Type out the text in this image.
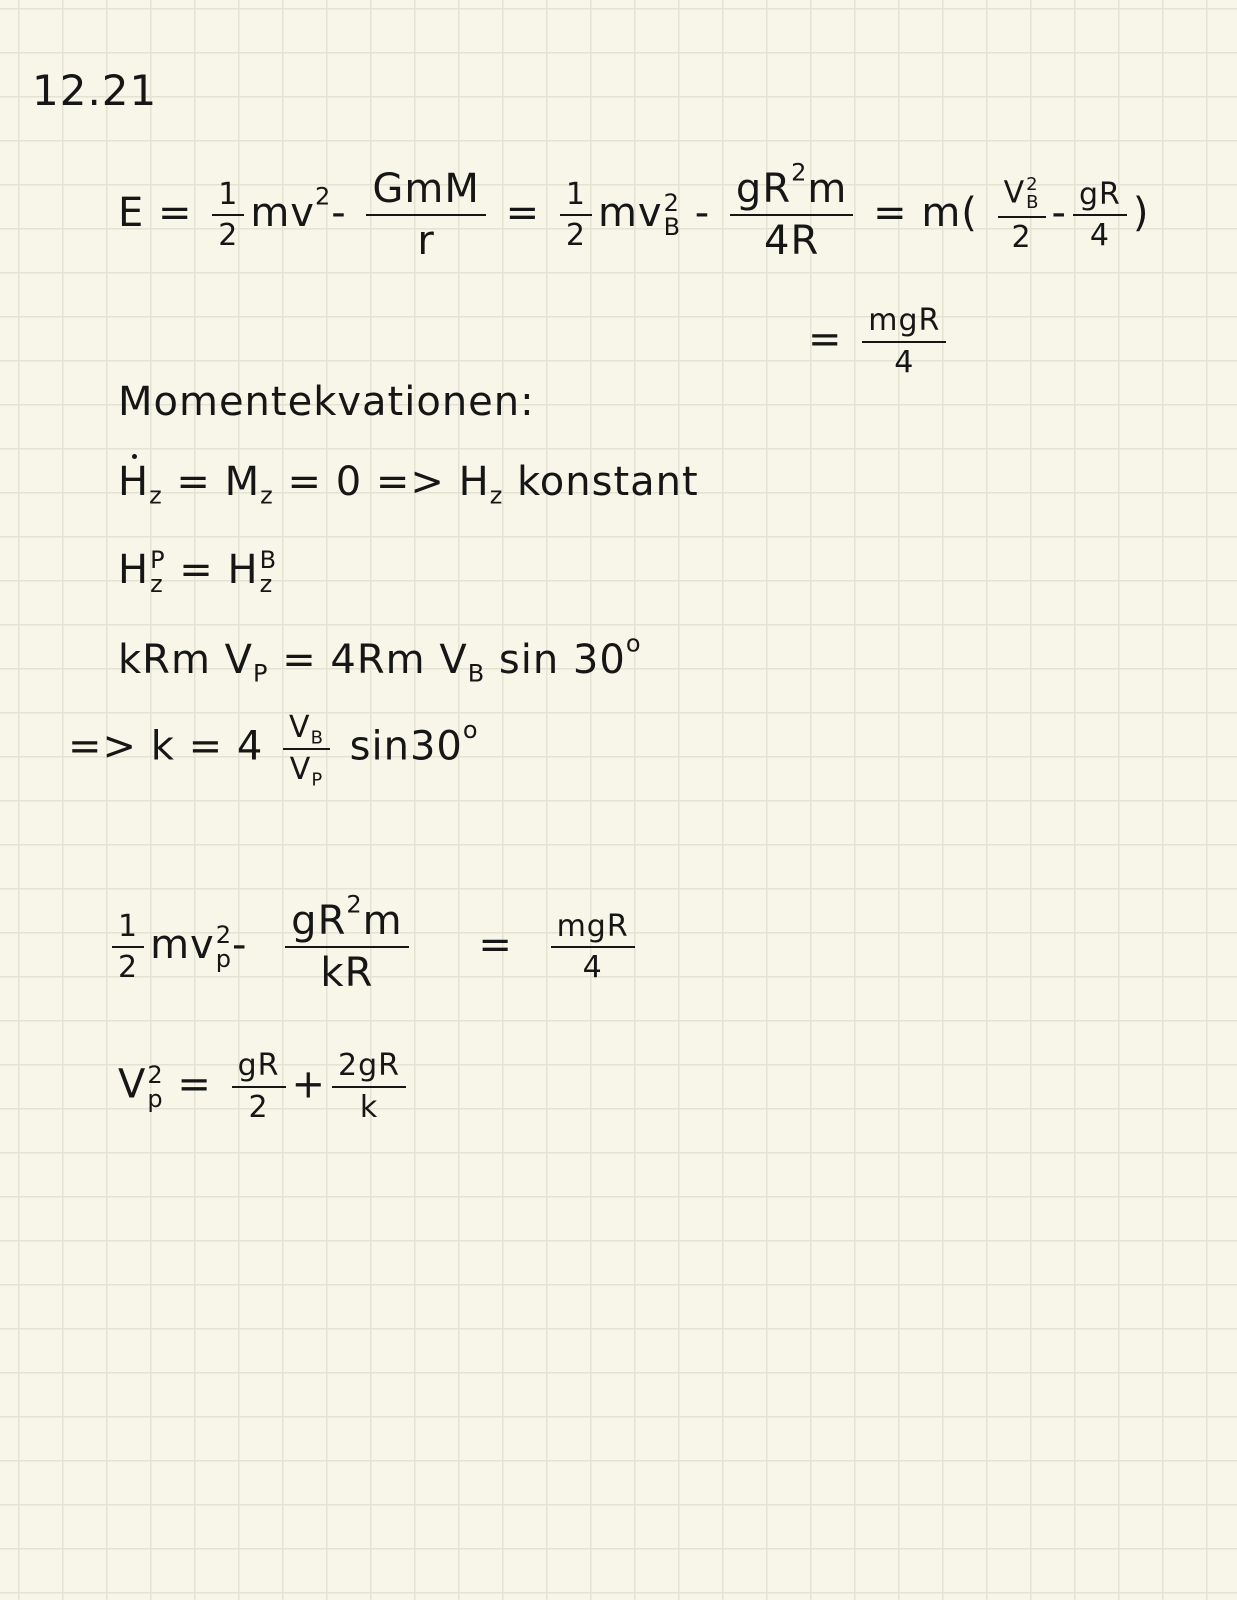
12.21
$E = \frac{1}{2} mv^2- \frac{\text{GmM}}{r} = \frac{1}{2}$ mv 2
$B - \frac{gR^2m}{4R} = m$( V 2
B
$2 - \frac{gR}{4}$ )
= $\frac{\text{mgR}}{4}$
Momentekvationen:
$H_z = M_z = 0 => H_z$ konstant
H P
z = H B
z
kRm $V_P = 4Rm$ $V_B$ $\sin 30^o$
=> $k = 4 \frac{V_B}{V_P} \sin 30^o$
$\frac{1}{2}$ mv 2
$p - \frac{gR^2m}{kR} = \frac{\text{mgR}}{4}$
V 2
$p = \frac{gR}{2} + \frac{2gR}{k}$
